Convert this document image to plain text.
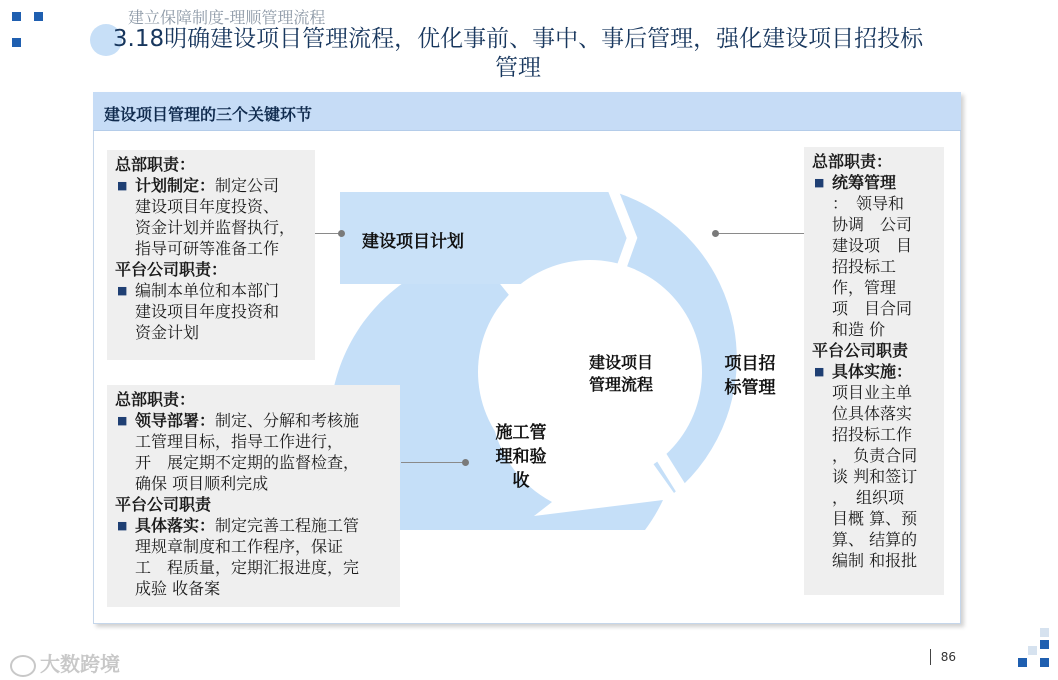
建立保障制度-理顺管理流程
3.18明确建设项目管理流程，优化事前、事中、事后管理，强化建设项目招投标
管理
建设项目管理的三个关键环节
建设项目计划
项目招
标管理
施工管
理和验
收
建设项目
管理流程
总部职责：
■ 计划制定：制定公司
建设项目年度投资、
资金计划并监督执行，
指导可研等准备工作
平台公司职责：
■ 编制本单位和本部门
建设项目年度投资和
资金计划
总部职责：
■ 领导部署：制定、分解和考核施
工管理目标，指导工作进行，
开　展定期不定期的监督检查，
确保 项目顺利完成
平台公司职责
■ 具体落实：制定完善工程施工管
理规章制度和工作程序，保证
工　程质量，定期汇报进度，完
成验 收备案
总部职责：
■ 统筹管理
：　领导和
协调　公司
建设项　目
招投标工
作，管理
项　目合同
和造 价
平台公司职责
■ 具体实施：
项目业主单
位具体落实
招投标工作
， 负责合同
谈 判和签订
，　组织项
目概 算、预
算、 结算的
编制 和报批
大数跨境	86
